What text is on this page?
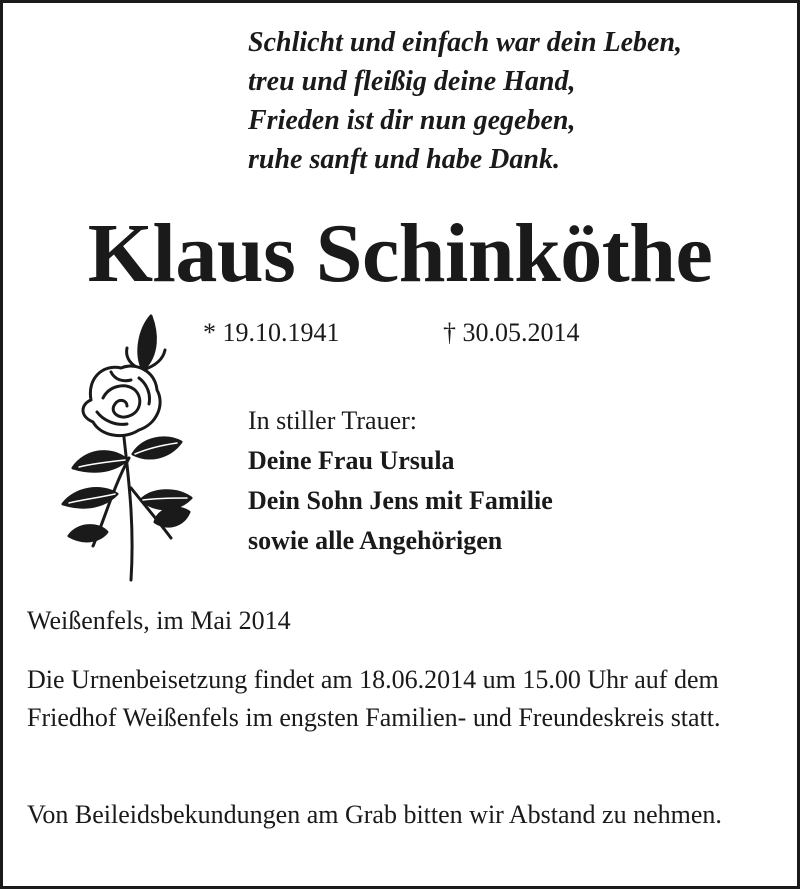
Schlicht und einfach war dein Leben,
treu und fleißig deine Hand,
Frieden ist dir nun gegeben,
ruhe sanft und habe Dank.
Klaus Schinköthe
* 19.10.1941	† 30.05.2014
In stiller Trauer:
Deine Frau Ursula
Dein Sohn Jens mit Familie
sowie alle Angehörigen
Weißenfels, im Mai 2014
Die Urnenbeisetzung findet am 18.06.2014 um 15.00 Uhr auf dem Friedhof Weißenfels im engsten Familien- und Freundeskreis statt.
Von Beileidsbekundungen am Grab bitten wir Abstand zu nehmen.
